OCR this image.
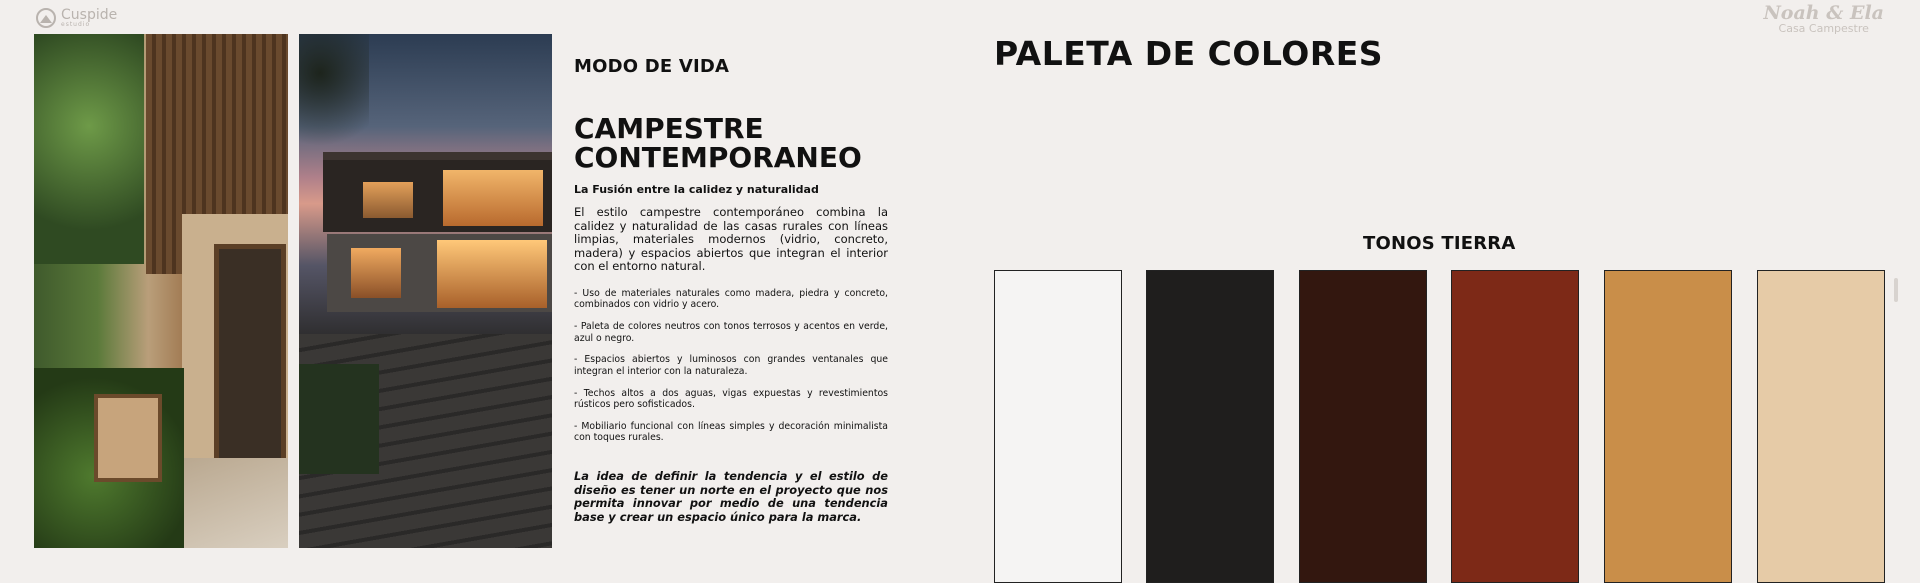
Cuspide
estudio
Noah & Ela
Casa Campestre
MODO DE VIDA
CAMPESTRE
CONTEMPORANEO
La Fusión entre la calidez y naturalidad

El estilo campestre contemporáneo combina la calidez y naturalidad de las casas rurales con líneas limpias, materiales modernos (vidrio, concreto, madera) y espacios abiertos que integran el interior con el entorno natural.

- Uso de materiales naturales como madera, piedra y concreto, combinados con vidrio y acero.
- Paleta de colores neutros con tonos terrosos y acentos en verde, azul o negro.
- Espacios abiertos y luminosos con grandes ventanales que integran el interior con la naturaleza.
- Techos altos a dos aguas, vigas expuestas y revestimientos rústicos pero sofisticados.
- Mobiliario funcional con líneas simples y decoración minimalista con toques rurales.

La idea de definir la tendencia y el estilo de diseño es tener un norte en el proyecto que nos permita innovar por medio de una tendencia base y crear un espacio único para la marca.

PALETA DE COLORES
TONOS TIERRA
